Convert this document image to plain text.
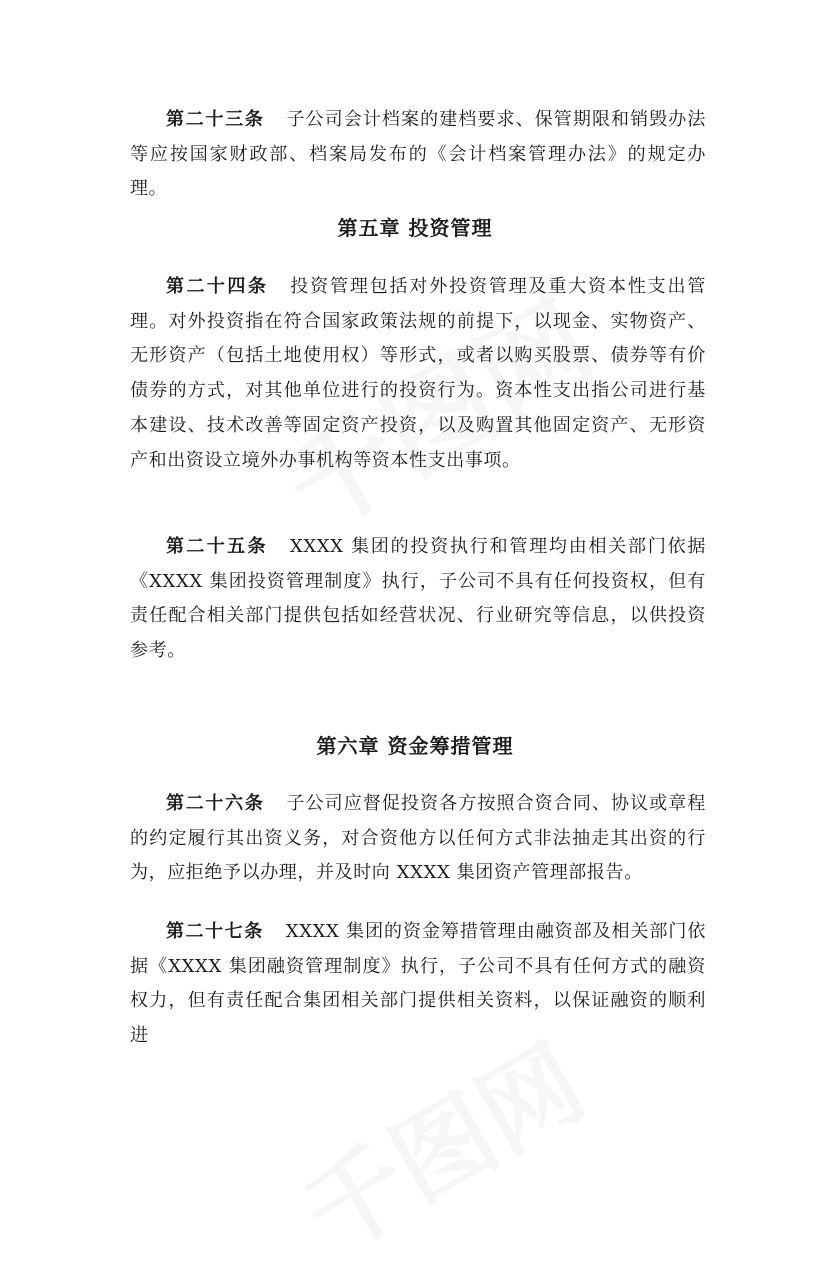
第二十三条 子公司会计档案的建档要求、保管期限和销毁办法等应按国家财政部、档案局发布的《会计档案管理办法》的规定办理。

第五章 投资管理

第二十四条 投资管理包括对外投资管理及重大资本性支出管理。对外投资指在符合国家政策法规的前提下，以现金、实物资产、无形资产（包括土地使用权）等形式，或者以购买股票、债券等有价债券的方式，对其他单位进行的投资行为。资本性支出指公司进行基本建设、技术改善等固定资产投资，以及购置其他固定资产、无形资产和出资设立境外办事机构等资本性支出事项。

第二十五条 XXXX 集团的投资执行和管理均由相关部门依据《XXXX 集团投资管理制度》执行，子公司不具有任何投资权，但有责任配合相关部门提供包括如经营状况、行业研究等信息，以供投资参考。

第六章 资金筹措管理

第二十六条 子公司应督促投资各方按照合资合同、协议或章程的约定履行其出资义务，对合资他方以任何方式非法抽走其出资的行为，应拒绝予以办理，并及时向 XXXX 集团资产管理部报告。

第二十七条 XXXX 集团的资金筹措管理由融资部及相关部门依据《XXXX 集团融资管理制度》执行，子公司不具有任何方式的融资权力，但有责任配合集团相关部门提供相关资料，以保证融资的顺利进
